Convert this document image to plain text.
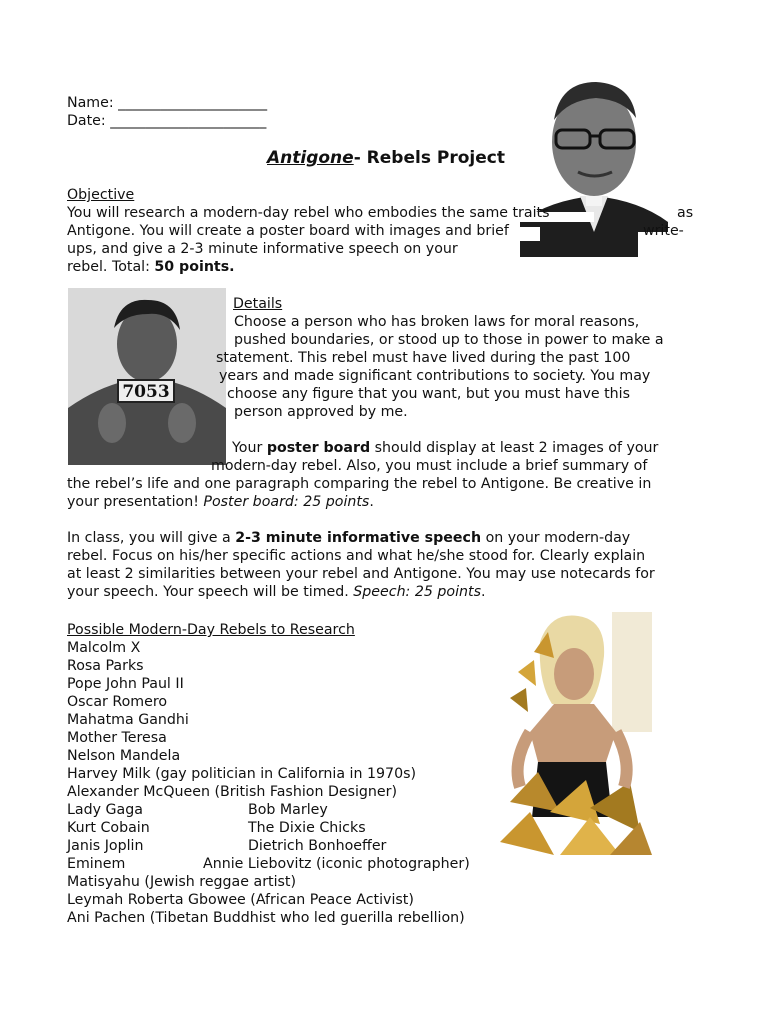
Name: _____________________
Date: ______________________
Antigone- Rebels Project
Objective
You will research a modern-day rebel who embodies the same traits	as
Antigone. You will create a poster board with images and brief	write-
ups, and give a 2-3 minute informative speech on your
rebel. Total: 50 points.
7053
Details
Choose a person who has broken laws for moral reasons,
pushed boundaries, or stood up to those in power to make a
statement. This rebel must have lived during the past 100
years and made significant contributions to society. You may
choose any figure that you want, but you must have this
person approved by me.
Your poster board should display at least 2 images of your
modern-day rebel. Also, you must include a brief summary of
the rebel’s life and one paragraph comparing the rebel to Antigone. Be creative in
your presentation! Poster board: 25 points.
In class, you will give a 2-3 minute informative speech on your modern-day
rebel. Focus on his/her specific actions and what he/she stood for. Clearly explain
at least 2 similarities between your rebel and Antigone. You may use notecards for
your speech. Your speech will be timed. Speech: 25 points.
Possible Modern-Day Rebels to Research
Malcolm X
Rosa Parks
Pope John Paul II
Oscar Romero
Mahatma Gandhi
Mother Teresa
Nelson Mandela
Harvey Milk (gay politician in California in 1970s)
Alexander McQueen (British Fashion Designer)
Lady Gaga	Bob Marley
Kurt Cobain	The Dixie Chicks
Janis Joplin	Dietrich Bonhoeffer
Eminem	Annie Liebovitz (iconic photographer)
Matisyahu (Jewish reggae artist)
Leymah Roberta Gbowee (African Peace Activist)
Ani Pachen (Tibetan Buddhist who led guerilla rebellion)
